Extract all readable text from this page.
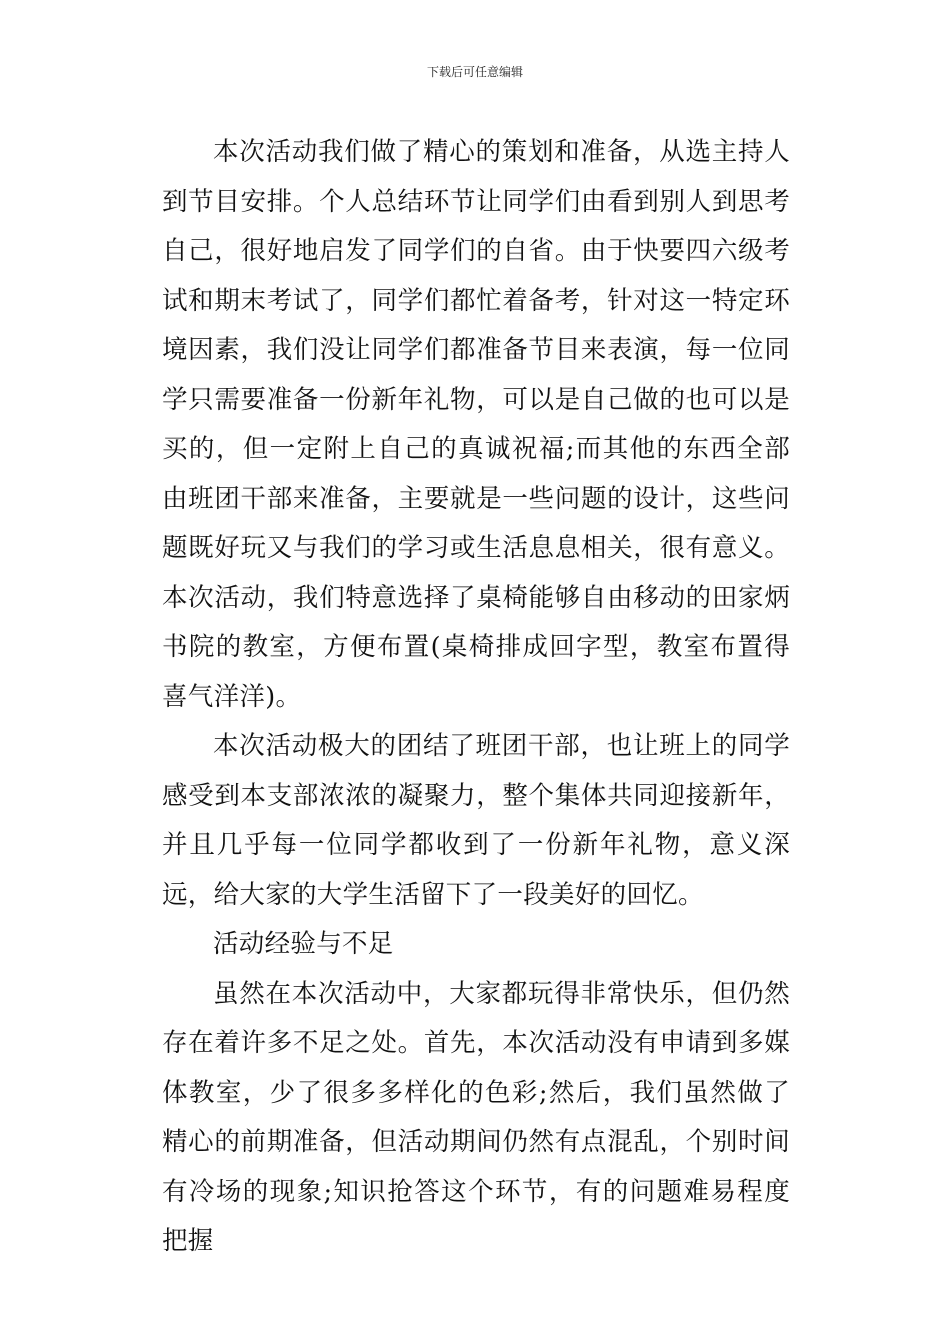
下载后可任意编辑

本次活动我们做了精心的策划和准备，从选主持人到节目安排。个人总结环节让同学们由看到别人到思考自己，很好地启发了同学们的自省。由于快要四六级考试和期末考试了，同学们都忙着备考，针对这一特定环境因素，我们没让同学们都准备节目来表演，每一位同学只需要准备一份新年礼物，可以是自己做的也可以是买的，但一定附上自己的真诚祝福;而其他的东西全部由班团干部来准备，主要就是一些问题的设计，这些问题既好玩又与我们的学习或生活息息相关，很有意义。本次活动，我们特意选择了桌椅能够自由移动的田家炳书院的教室，方便布置(桌椅排成回字型，教室布置得喜气洋洋)。

本次活动极大的团结了班团干部，也让班上的同学感受到本支部浓浓的凝聚力，整个集体共同迎接新年，并且几乎每一位同学都收到了一份新年礼物，意义深远，给大家的大学生活留下了一段美好的回忆。

活动经验与不足

虽然在本次活动中，大家都玩得非常快乐，但仍然存在着许多不足之处。首先，本次活动没有申请到多媒体教室，少了很多多样化的色彩;然后，我们虽然做了精心的前期准备，但活动期间仍然有点混乱，个别时间有冷场的现象;知识抢答这个环节，有的问题难易程度把握
